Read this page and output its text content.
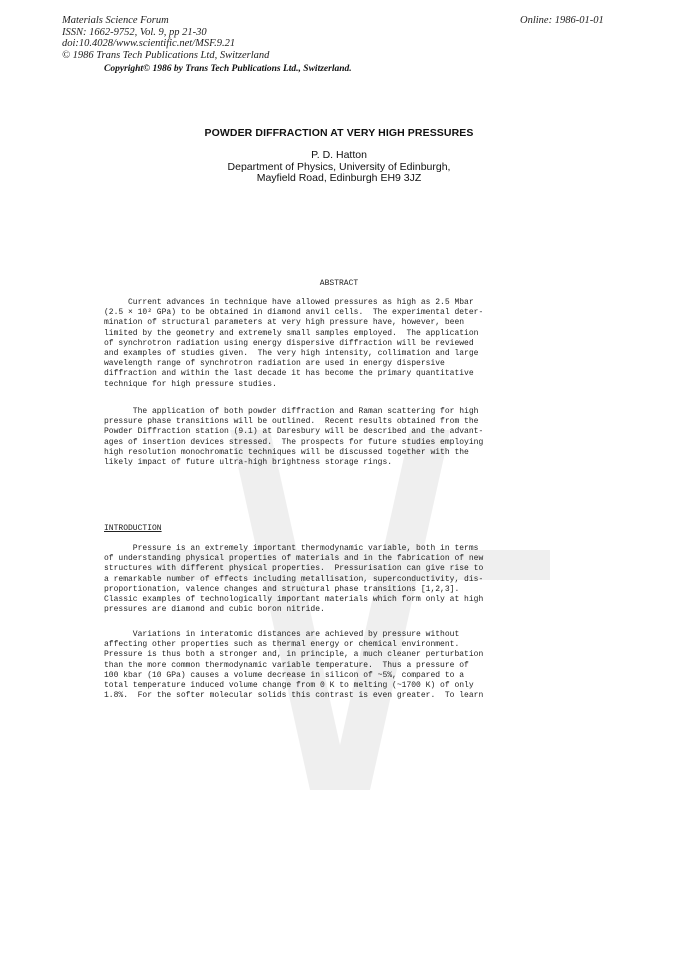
Materials Science Forum
ISSN: 1662-9752, Vol. 9, pp 21-30
doi:10.4028/www.scientific.net/MSF.9.21
© 1986 Trans Tech Publications Ltd, Switzerland
Online: 1986-01-01
Copyright© 1986 by Trans Tech Publications Ltd., Switzerland.
POWDER DIFFRACTION AT VERY HIGH PRESSURES
P. D. Hatton
Department of Physics, University of Edinburgh,
Mayfield Road, Edinburgh EH9 3JZ
ABSTRACT
Current advances in technique have allowed pressures as high as 2.5 Mbar
(2.5 × 10² GPa) to be obtained in diamond anvil cells.  The experimental deter-
mination of structural parameters at very high pressure have, however, been
limited by the geometry and extremely small samples employed.  The application
of synchrotron radiation using energy dispersive diffraction will be reviewed
and examples of studies given.  The very high intensity, collimation and large
wavelength range of synchrotron radiation are used in energy dispersive
diffraction and within the last decade it has become the primary quantitative
technique for high pressure studies.
The application of both powder diffraction and Raman scattering for high
pressure phase transitions will be outlined.  Recent results obtained from the
Powder Diffraction station (9.1) at Daresbury will be described and the advant-
ages of insertion devices stressed.  The prospects for future studies employing
high resolution monochromatic techniques will be discussed together with the
likely impact of future ultra-high brightness storage rings.
INTRODUCTION
Pressure is an extremely important thermodynamic variable, both in terms
of understanding physical properties of materials and in the fabrication of new
structures with different physical properties.  Pressurisation can give rise to
a remarkable number of effects including metallisation, superconductivity, dis-
proportionation, valence changes and structural phase transitions [1,2,3].
Classic examples of technologically important materials which form only at high
pressures are diamond and cubic boron nitride.
Variations in interatomic distances are achieved by pressure without
affecting other properties such as thermal energy or chemical environment.
Pressure is thus both a stronger and, in principle, a much cleaner perturbation
than the more common thermodynamic variable temperature.  Thus a pressure of
100 kbar (10 GPa) causes a volume decrease in silicon of ~5%, compared to a
total temperature induced volume change from 0 K to melting (~1700 K) of only
1.8%.  For the softer molecular solids this contrast is even greater.  To learn
